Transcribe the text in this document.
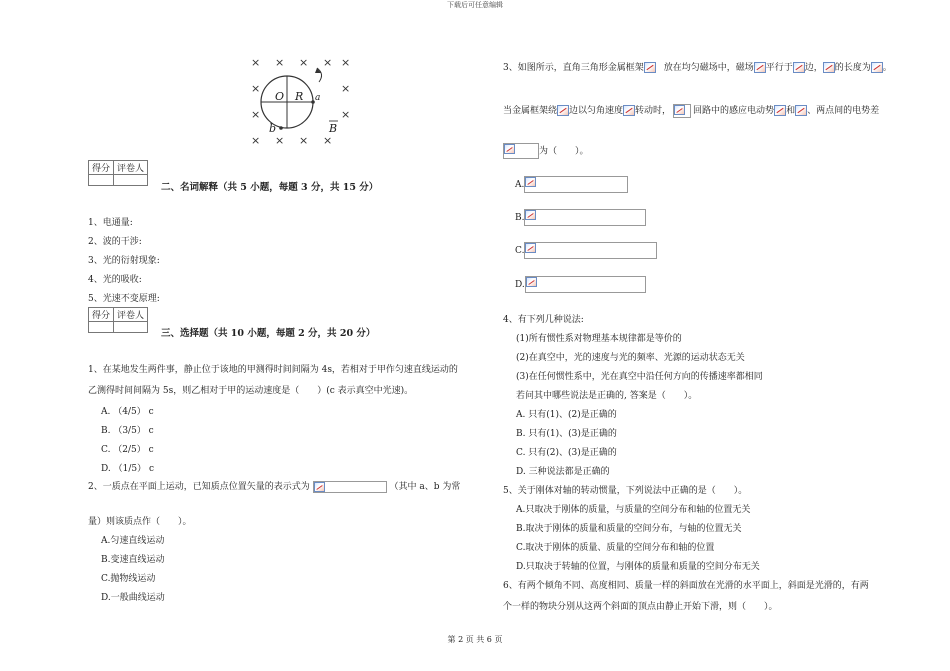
下载后可任意编辑
第 2 页 共 6 页
× × × × ×
×	×
×	×
× × × ×
O R
b
a
B
得分	评卷人

二、名词解释（共 5 小题，每题 3 分，共 15 分）
1、电通量:
2、波的干涉:
3、光的衍射现象:
4、光的吸收:
5、光速不变原理:
得分	评卷人

三、选择题（共 10 小题，每题 2 分，共 20 分）
1、在某地发生两件事，静止位于该地的甲测得时间间隔为 4s，若相对于甲作匀速直线运动的
乙测得时间间隔为 5s，则乙相对于甲的运动速度是（　　）(c 表示真空中光速)。
A. （4/5） c
B. （3/5） c
C. （2/5） c
D. （1/5） c
2、一质点在平面上运动，已知质点位置矢量的表示式为	（其中 a、b 为常
量）则该质点作（　　）。
A.匀速直线运动
B.变速直线运动
C.抛物线运动
D.一般曲线运动
3、如图所示，直角三角形金属框架 放在均匀磁场中，磁场 平行于 边， 的长度为 。
当金属框架绕 边以匀角速度 转动时， 回路中的感应电动势 和 、两点间的电势差
为（　　）。
A.
B.
C.
D.
4、有下列几种说法:
(1)所有惯性系对物理基本规律都是等价的
(2)在真空中，光的速度与光的频率、光源的运动状态无关
(3)在任何惯性系中，光在真空中沿任何方向的传播速率都相同
若问其中哪些说法是正确的, 答案是（　　）。
A. 只有(1)、(2)是正确的
B. 只有(1)、(3)是正确的
C. 只有(2)、(3)是正确的
D. 三种说法都是正确的
5、关于刚体对轴的转动惯量，下列说法中正确的是（　　）。
A.只取决于刚体的质量，与质量的空间分布和轴的位置无关
B.取决于刚体的质量和质量的空间分布，与轴的位置无关
C.取决于刚体的质量、质量的空间分布和轴的位置
D.只取决于转轴的位置，与刚体的质量和质量的空间分布无关
6、有两个倾角不同、高度相同、质量一样的斜面放在光滑的水平面上，斜面是光滑的，有两
个一样的物块分别从这两个斜面的顶点由静止开始下滑，则（　　）。
